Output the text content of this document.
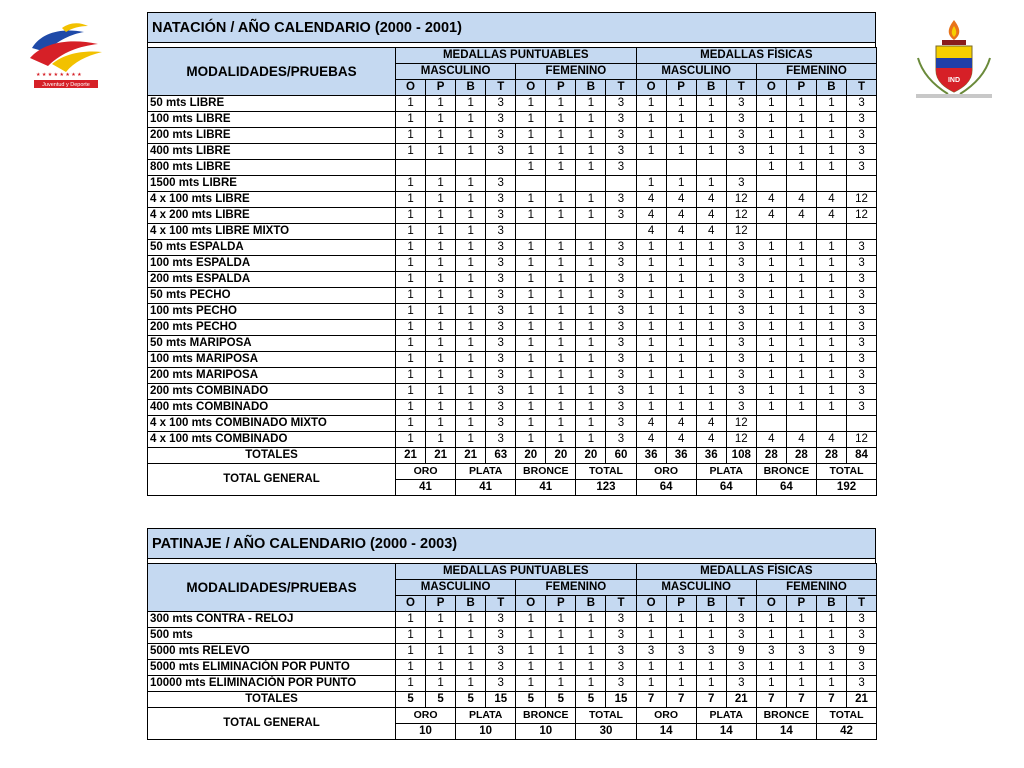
★ ★ ★ ★ ★ ★ ★ ★
Juventud y Deporte
IND
NATACIÓN / AÑO CALENDARIO (2000 - 2001)
MODALIDADES/PRUEBAS	MEDALLAS PUNTUABLES								MEDALLAS FÍSICAS							
	MASCULINO				FEMENINO				MASCULINO				FEMENINO			
	O	P	B	T	O	P	B	T	O	P	B	T	O	P	B	T
50 mts LIBRE	1	1	1	3	1	1	1	3	1	1	1	3	1	1	1	3
100 mts LIBRE	1	1	1	3	1	1	1	3	1	1	1	3	1	1	1	3
200 mts LIBRE	1	1	1	3	1	1	1	3	1	1	1	3	1	1	1	3
400 mts LIBRE	1	1	1	3	1	1	1	3	1	1	1	3	1	1	1	3
800 mts LIBRE					1	1	1	3					1	1	1	3
1500 mts LIBRE	1	1	1	3					1	1	1	3				
4 x 100 mts LIBRE	1	1	1	3	1	1	1	3	4	4	4	12	4	4	4	12
4 x 200 mts LIBRE	1	1	1	3	1	1	1	3	4	4	4	12	4	4	4	12
4 x 100 mts LIBRE MIXTO	1	1	1	3					4	4	4	12				
50 mts ESPALDA	1	1	1	3	1	1	1	3	1	1	1	3	1	1	1	3
100 mts ESPALDA	1	1	1	3	1	1	1	3	1	1	1	3	1	1	1	3
200 mts ESPALDA	1	1	1	3	1	1	1	3	1	1	1	3	1	1	1	3
50 mts PECHO	1	1	1	3	1	1	1	3	1	1	1	3	1	1	1	3
100 mts PECHO	1	1	1	3	1	1	1	3	1	1	1	3	1	1	1	3
200 mts PECHO	1	1	1	3	1	1	1	3	1	1	1	3	1	1	1	3
50 mts MARIPOSA	1	1	1	3	1	1	1	3	1	1	1	3	1	1	1	3
100 mts MARIPOSA	1	1	1	3	1	1	1	3	1	1	1	3	1	1	1	3
200 mts MARIPOSA	1	1	1	3	1	1	1	3	1	1	1	3	1	1	1	3
200 mts COMBINADO	1	1	1	3	1	1	1	3	1	1	1	3	1	1	1	3
400 mts COMBINADO	1	1	1	3	1	1	1	3	1	1	1	3	1	1	1	3
4 x 100 mts COMBINADO MIXTO	1	1	1	3	1	1	1	3	4	4	4	12				
4 x 100 mts COMBINADO	1	1	1	3	1	1	1	3	4	4	4	12	4	4	4	12
TOTALES	21	21	21	63	20	20	20	60	36	36	36	108	28	28	28	84
TOTAL GENERAL	ORO		PLATA		BRONCE		TOTAL		ORO		PLATA		BRONCE		TOTAL	
	41		41		41		123		64		64		64		192	
PATINAJE / AÑO CALENDARIO (2000 - 2003)
MODALIDADES/PRUEBAS	MEDALLAS PUNTUABLES								MEDALLAS FÍSICAS							
	MASCULINO				FEMENINO				MASCULINO				FEMENINO			
	O	P	B	T	O	P	B	T	O	P	B	T	O	P	B	T
300 mts CONTRA - RELOJ	1	1	1	3	1	1	1	3	1	1	1	3	1	1	1	3
500 mts	1	1	1	3	1	1	1	3	1	1	1	3	1	1	1	3
5000 mts RELEVO	1	1	1	3	1	1	1	3	3	3	3	9	3	3	3	9
5000 mts ELIMINACIÓN POR PUNTO	1	1	1	3	1	1	1	3	1	1	1	3	1	1	1	3
10000 mts ELIMINACIÓN POR PUNTO	1	1	1	3	1	1	1	3	1	1	1	3	1	1	1	3
TOTALES	5	5	5	15	5	5	5	15	7	7	7	21	7	7	7	21
TOTAL GENERAL	ORO		PLATA		BRONCE		TOTAL		ORO		PLATA		BRONCE		TOTAL	
	10		10		10		30		14		14		14		42	
